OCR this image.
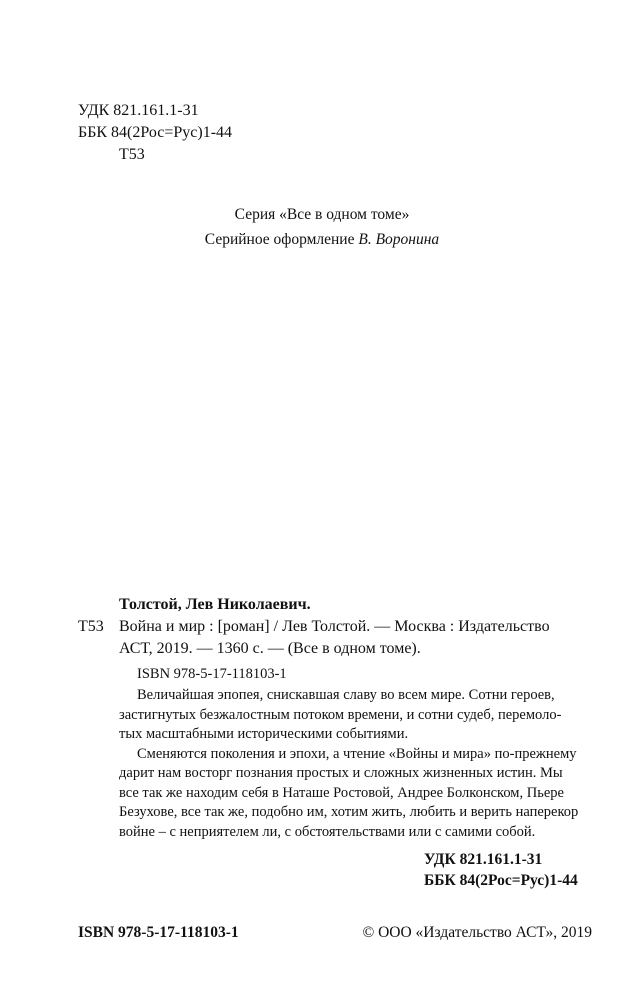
УДК 821.161.1-31
ББК 84(2Рос=Рус)1-44
Т53
Серия «Все в одном томе»
Серийное оформление В. Воронина
Толстой, Лев Николаевич.
Т53 Война и мир : [роман] / Лев Толстой. — Москва : Издательство
АСТ, 2019. — 1360 с. — (Все в одном томе).
ISBN 978-5-17-118103-1
Величайшая эпопея, снискавшая славу во всем мире. Сотни героев,
застигнутых безжалостным потоком времени, и сотни судеб, перемоло-
тых масштабными историческими событиями.
Сменяются поколения и эпохи, а чтение «Войны и мира» по-прежнему
дарит нам восторг познания простых и сложных жизненных истин. Мы
все так же находим себя в Наташе Ростовой, Андрее Болконском, Пьере
Безухове, все так же, подобно им, хотим жить, любить и верить наперекор
войне – с неприятелем ли, с обстоятельствами или с самими собой.
УДК 821.161.1-31
ББК 84(2Рос=Рус)1-44
ISBN 978-5-17-118103-1	© ООО «Издательство АСТ», 2019
